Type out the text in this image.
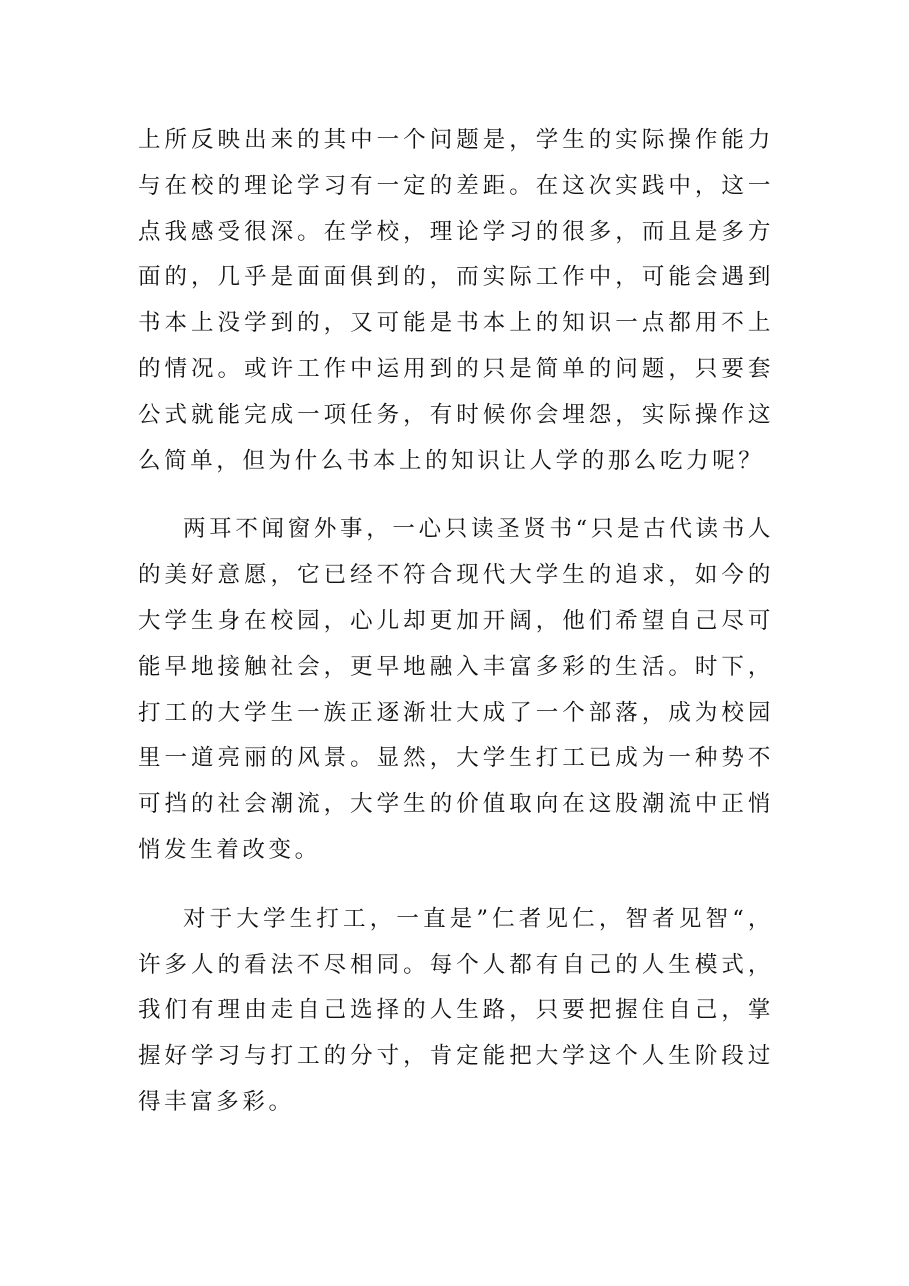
上所反映出来的其中一个问题是，学生的实际操作能力与在校的理论学习有一定的差距。在这次实践中，这一点我感受很深。在学校，理论学习的很多，而且是多方面的，几乎是面面俱到的，而实际工作中，可能会遇到书本上没学到的，又可能是书本上的知识一点都用不上的情况。或许工作中运用到的只是简单的问题，只要套公式就能完成一项任务，有时候你会埋怨，实际操作这么简单，但为什么书本上的知识让人学的那么吃力呢？

两耳不闻窗外事，一心只读圣贤书“只是古代读书人的美好意愿，它已经不符合现代大学生的追求，如今的大学生身在校园，心儿却更加开阔，他们希望自己尽可能早地接触社会，更早地融入丰富多彩的生活。时下，打工的大学生一族正逐渐壮大成了一个部落，成为校园里一道亮丽的风景。显然，大学生打工已成为一种势不可挡的社会潮流，大学生的价值取向在这股潮流中正悄悄发生着改变。

对于大学生打工，一直是”仁者见仁，智者见智“，许多人的看法不尽相同。每个人都有自己的人生模式，我们有理由走自己选择的人生路，只要把握住自己，掌握好学习与打工的分寸，肯定能把大学这个人生阶段过得丰富多彩。
